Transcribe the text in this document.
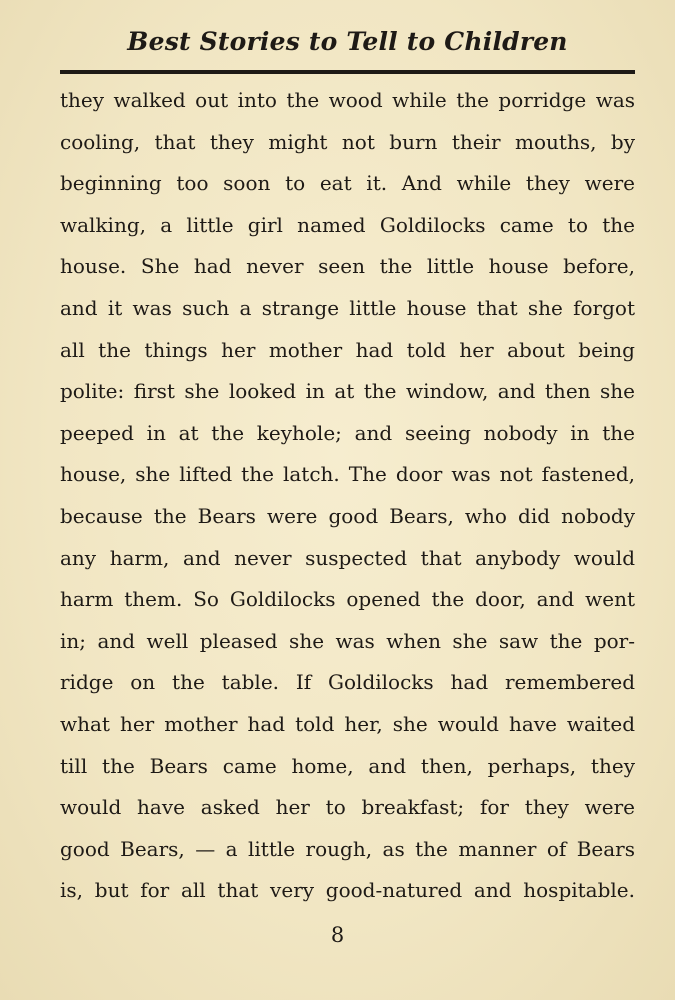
Best Stories to Tell to Children
they walked out into the wood while the porridge was
cooling, that they might not burn their mouths, by
beginning too soon to eat it. And while they were
walking, a little girl named Goldilocks came to the
house. She had never seen the little house before,
and it was such a strange little house that she forgot
all the things her mother had told her about being
polite: first she looked in at the window, and then she
peeped in at the keyhole; and seeing nobody in the
house, she lifted the latch. The door was not fastened,
because the Bears were good Bears, who did nobody
any harm, and never suspected that anybody would
harm them. So Goldilocks opened the door, and went
in; and well pleased she was when she saw the por-
ridge on the table. If Goldilocks had remembered
what her mother had told her, she would have waited
till the Bears came home, and then, perhaps, they
would have asked her to breakfast; for they were
good Bears, — a little rough, as the manner of Bears
is, but for all that very good-natured and hospitable.
8
